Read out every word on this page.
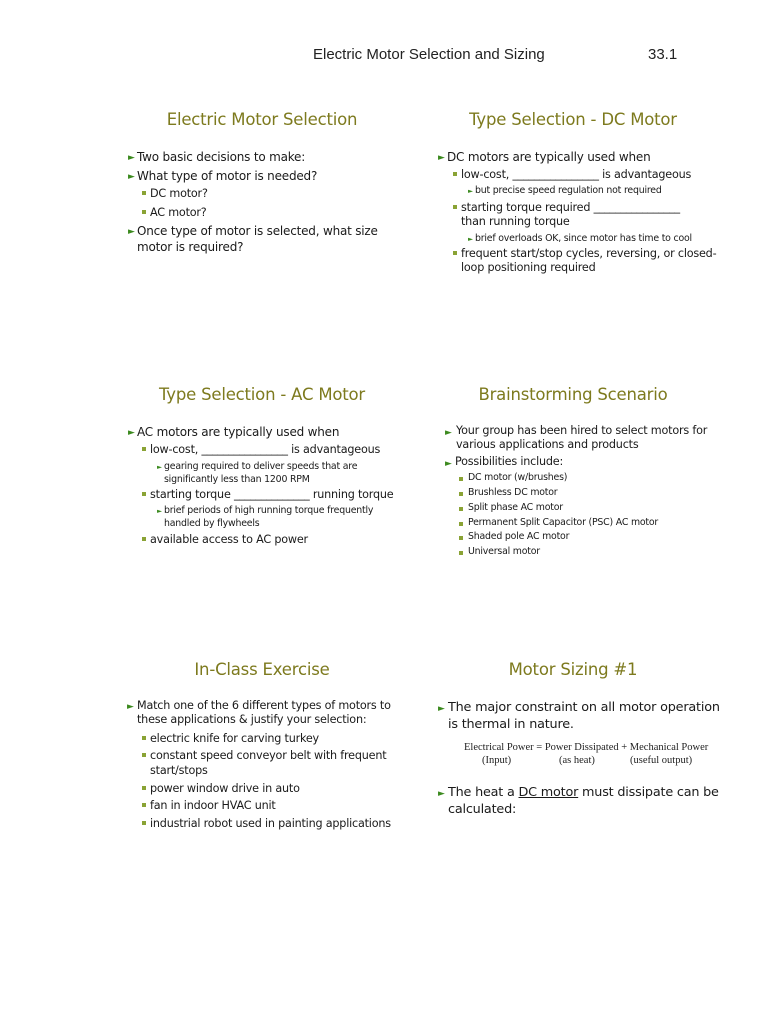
Electric Motor Selection and Sizing	33.1
Electric Motor Selection
► Two basic decisions to make:
► What type of motor is needed?
DC motor?
AC motor?
► Once type of motor is selected, what size
motor is required?
Type Selection - DC Motor
► DC motors are typically used when
low-cost, ________________ is advantageous
► but precise speed regulation not required
starting torque required ________________
than running torque
► brief overloads OK, since motor has time to cool
frequent start/stop cycles, reversing, or closed-
loop positioning required
Type Selection - AC Motor
► AC motors are typically used when
low-cost, ________________ is advantageous
► gearing required to deliver speeds that are
significantly less than 1200 RPM
starting torque ______________ running torque
► brief periods of high running torque frequently
handled by flywheels
available access to AC power
Brainstorming Scenario
► Your group has been hired to select motors for
various applications and products
► Possibilities include:
DC motor (w/brushes)
Brushless DC motor
Split phase AC motor
Permanent Split Capacitor (PSC) AC motor
Shaded pole AC motor
Universal motor
In-Class Exercise
► Match one of the 6 different types of motors to
these applications & justify your selection:
electric knife for carving turkey
constant speed conveyor belt with frequent
start/stops
power window drive in auto
fan in indoor HVAC unit
industrial robot used in painting applications
Motor Sizing #1
► The major constraint on all motor operation
is thermal in nature.
Electrical Power = Power Dissipated + Mechanical Power
(Input)	(as heat)	(useful output)
► The heat a DC motor must dissipate can be
calculated:
